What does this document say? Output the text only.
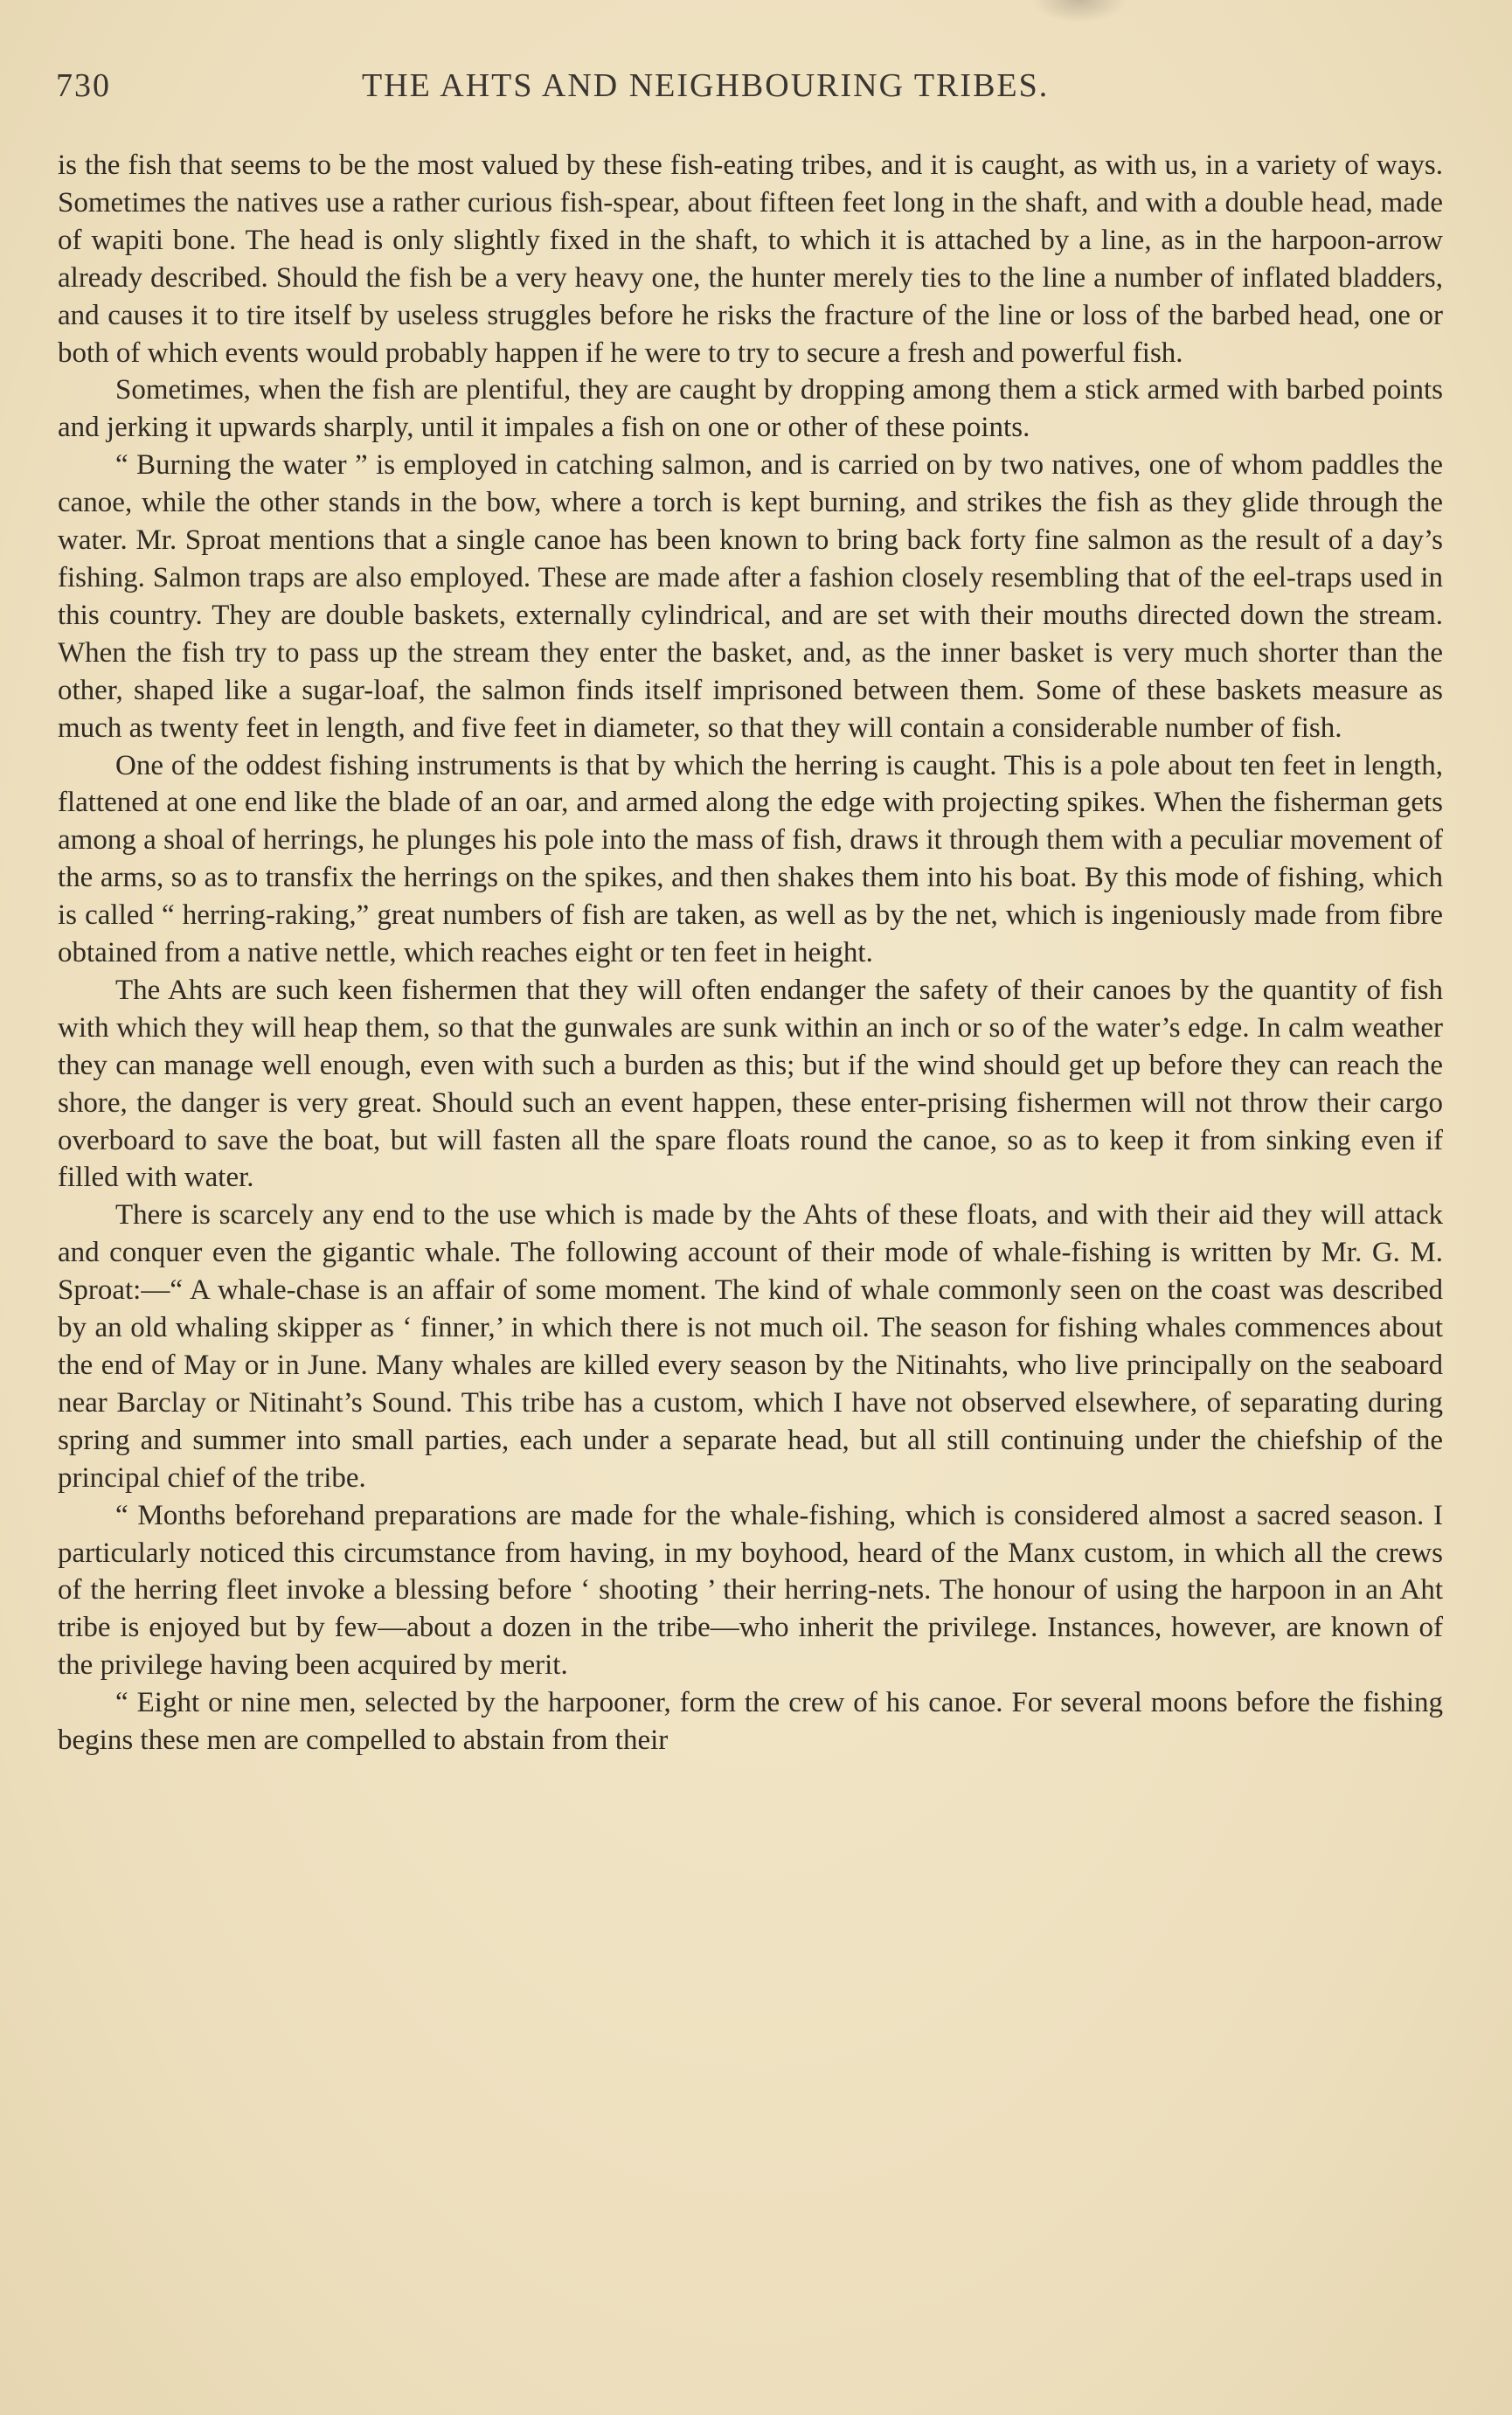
730	THE AHTS AND NEIGHBOURING TRIBES.

is the fish that seems to be the most valued by these fish-eating tribes, and it is caught, as with us, in a variety of ways. Sometimes the natives use a rather curious fish-spear, about fifteen feet long in the shaft, and with a double head, made of wapiti bone. The head is only slightly fixed in the shaft, to which it is attached by a line, as in the harpoon-arrow already described. Should the fish be a very heavy one, the hunter merely ties to the line a number of inflated bladders, and causes it to tire itself by useless struggles before he risks the fracture of the line or loss of the barbed head, one or both of which events would probably happen if he were to try to secure a fresh and powerful fish.

Sometimes, when the fish are plentiful, they are caught by dropping among them a stick armed with barbed points and jerking it upwards sharply, until it impales a fish on one or other of these points.

“ Burning the water ” is employed in catching salmon, and is carried on by two natives, one of whom paddles the canoe, while the other stands in the bow, where a torch is kept burning, and strikes the fish as they glide through the water. Mr. Sproat mentions that a single canoe has been known to bring back forty fine salmon as the result of a day’s fishing. Salmon traps are also employed. These are made after a fashion closely resembling that of the eel-traps used in this country. They are double baskets, externally cylindrical, and are set with their mouths directed down the stream. When the fish try to pass up the stream they enter the basket, and, as the inner basket is very much shorter than the other, shaped like a sugar-loaf, the salmon finds itself imprisoned between them. Some of these baskets measure as much as twenty feet in length, and five feet in diameter, so that they will contain a considerable number of fish.

One of the oddest fishing instruments is that by which the herring is caught. This is a pole about ten feet in length, flattened at one end like the blade of an oar, and armed along the edge with projecting spikes. When the fisherman gets among a shoal of herrings, he plunges his pole into the mass of fish, draws it through them with a peculiar movement of the arms, so as to transfix the herrings on the spikes, and then shakes them into his boat. By this mode of fishing, which is called “ herring-raking,” great numbers of fish are taken, as well as by the net, which is ingeniously made from fibre obtained from a native nettle, which reaches eight or ten feet in height.

The Ahts are such keen fishermen that they will often endanger the safety of their canoes by the quantity of fish with which they will heap them, so that the gunwales are sunk within an inch or so of the water’s edge. In calm weather they can manage well enough, even with such a burden as this; but if the wind should get up before they can reach the shore, the danger is very great. Should such an event happen, these enter-prising fishermen will not throw their cargo overboard to save the boat, but will fasten all the spare floats round the canoe, so as to keep it from sinking even if filled with water.

There is scarcely any end to the use which is made by the Ahts of these floats, and with their aid they will attack and conquer even the gigantic whale. The following account of their mode of whale-fishing is written by Mr. G. M. Sproat:—“ A whale-chase is an affair of some moment. The kind of whale commonly seen on the coast was described by an old whaling skipper as ‘ finner,’ in which there is not much oil. The season for fishing whales commences about the end of May or in June. Many whales are killed every season by the Nitinahts, who live principally on the seaboard near Barclay or Nitinaht’s Sound. This tribe has a custom, which I have not observed elsewhere, of separating during spring and summer into small parties, each under a separate head, but all still continuing under the chiefship of the principal chief of the tribe.

“ Months beforehand preparations are made for the whale-fishing, which is considered almost a sacred season. I particularly noticed this circumstance from having, in my boyhood, heard of the Manx custom, in which all the crews of the herring fleet invoke a blessing before ‘ shooting ’ their herring-nets. The honour of using the harpoon in an Aht tribe is enjoyed but by few—about a dozen in the tribe—who inherit the privilege. Instances, however, are known of the privilege having been acquired by merit.

“ Eight or nine men, selected by the harpooner, form the crew of his canoe. For several moons before the fishing begins these men are compelled to abstain from their
